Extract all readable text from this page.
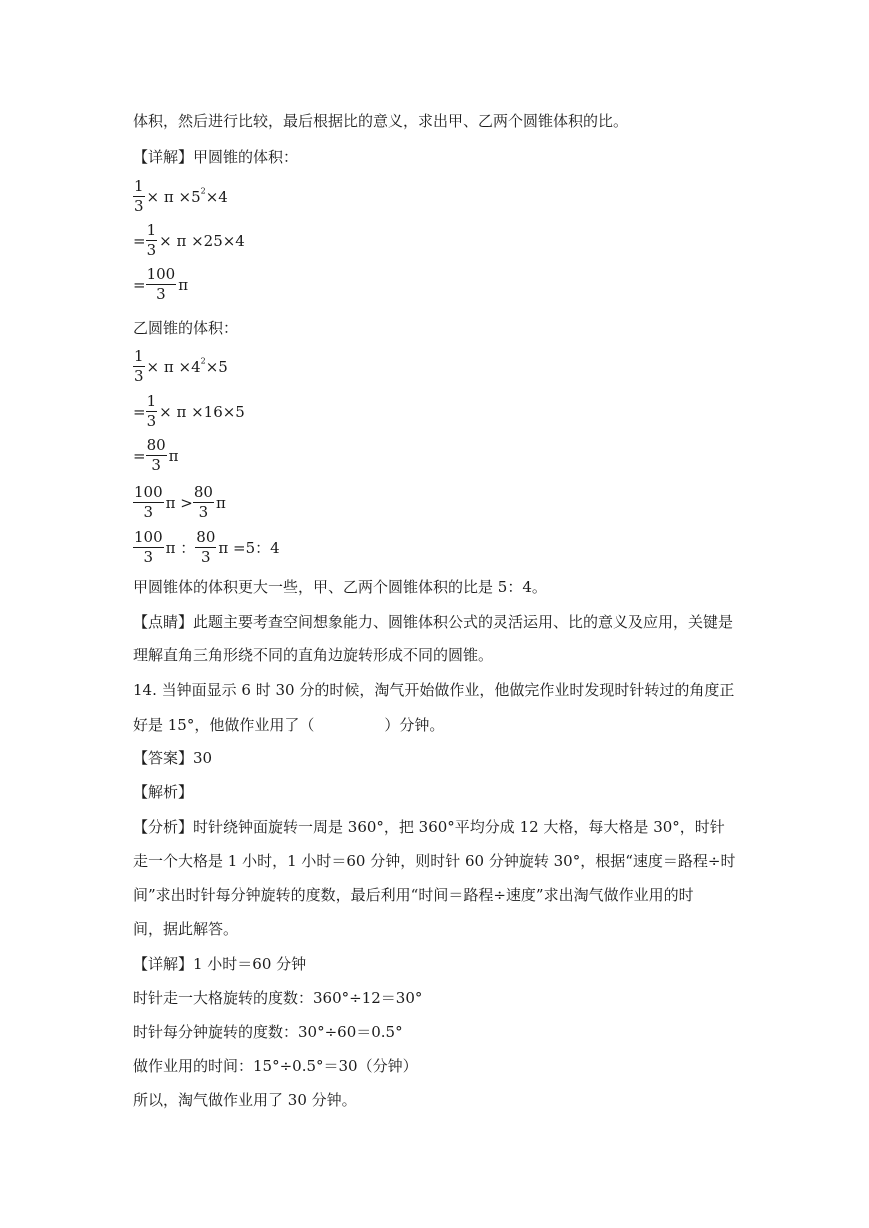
体积，然后进行比较，最后根据比的意义，求出甲、乙两个圆锥体积的比。
【详解】甲圆锥的体积：
$\frac{1}{3} \times \pi \times 5^2\times 4$
= $\frac{1}{3} \times \pi \times 25\times 4$
= $\frac{100}{3}$ π
乙圆锥的体积：
$\frac{1}{3} \times \pi \times 4^2\times 5$
= $\frac{1}{3} \times \pi \times 16\times 5$
= $\frac{80}{3}$ π
$\frac{100}{3}$ $\pi > \frac{80}{3}$ π
$\frac{100}{3}$ π ： $\frac{80}{3}$ π =5：4
甲圆锥体的体积更大一些，甲、乙两个圆锥体积的比是 5：4。
【点睛】此题主要考查空间想象能力、圆锥体积公式的灵活运用、比的意义及应用，关键是
理解直角三角形绕不同的直角边旋转形成不同的圆锥。
14. 当钟面显示 6 时 30 分的时候，淘气开始做作业，他做完作业时发现时针转过的角度正
好是 15°，他做作业用了（	）分钟。
【答案】30
【解析】
【分析】时针绕钟面旋转一周是 360°，把 360°平均分成 12 大格，每大格是 30°，时针
走一个大格是 1 小时，1 小时＝60 分钟，则时针 60 分钟旋转 30°，根据“速度＝路程÷时
间”求出时针每分钟旋转的度数，最后利用“时间＝路程÷速度”求出淘气做作业用的时
间，据此解答。
【详解】1 小时＝60 分钟
时针走一大格旋转的度数：360°÷12＝30°
时针每分钟旋转的度数：30°÷60＝0.5°
做作业用的时间：15°÷0.5°＝30（分钟）
所以，淘气做作业用了 30 分钟。
